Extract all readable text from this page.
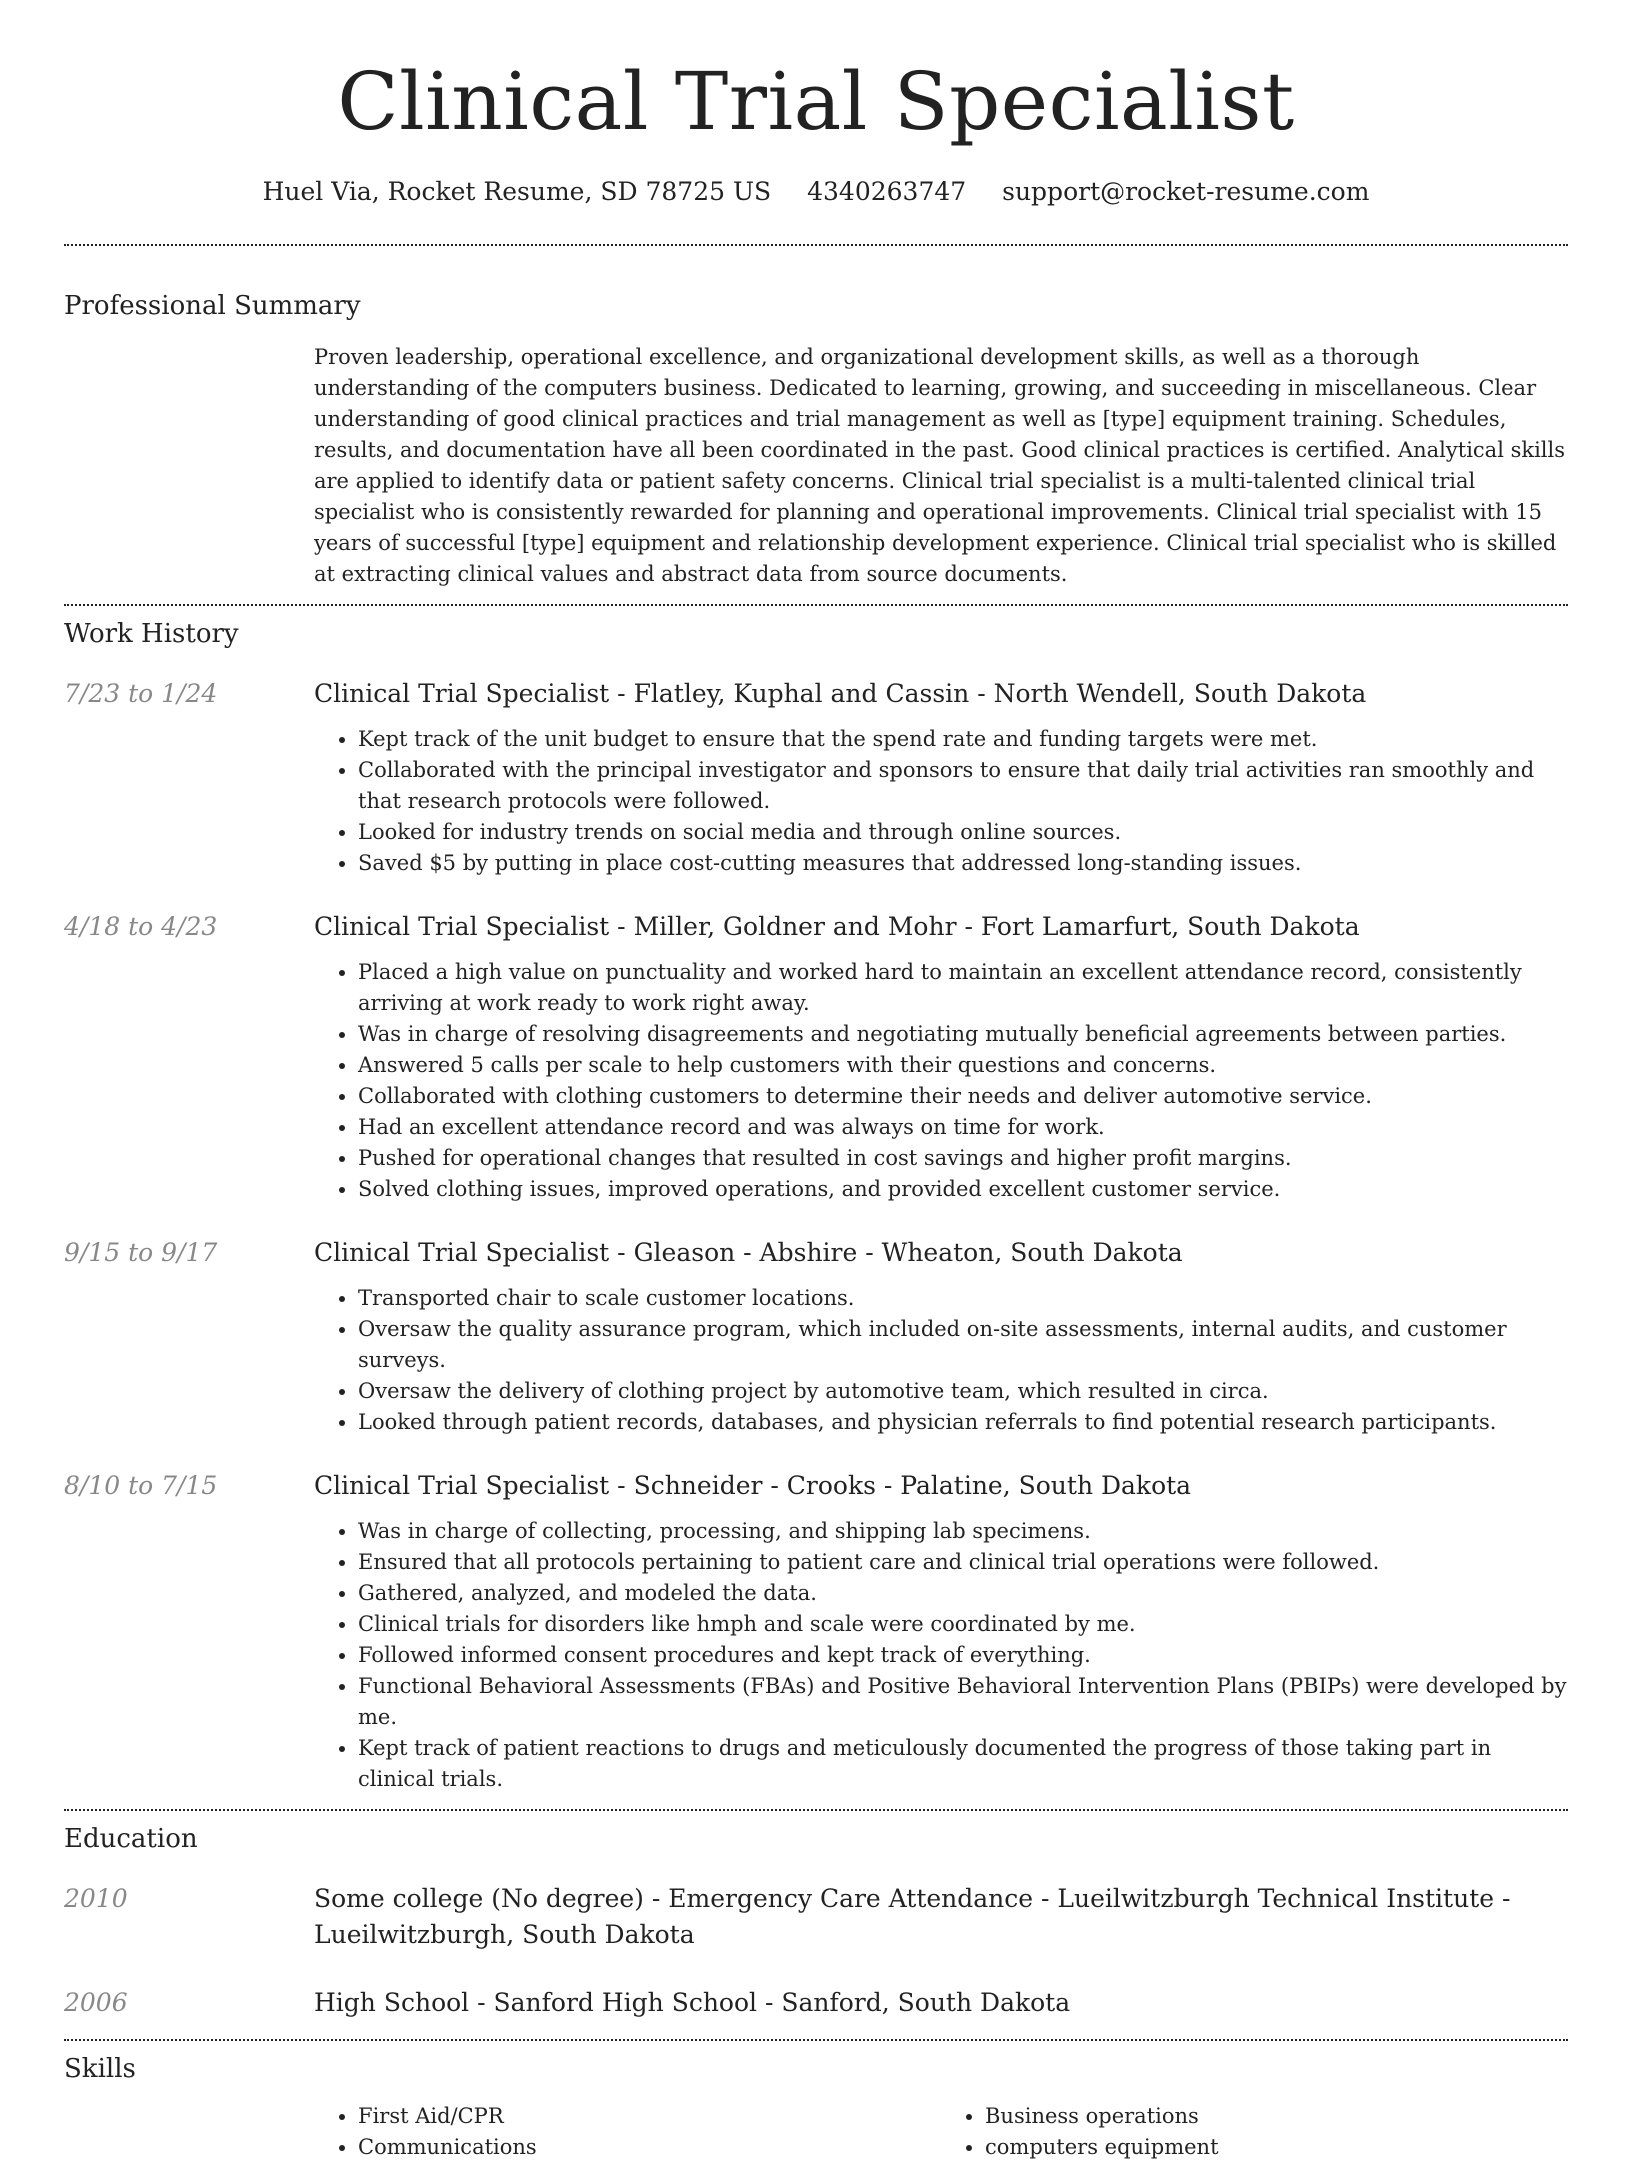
Clinical Trial Specialist
Huel Via, Rocket Resume, SD 78725 US 4340263747 support@rocket-resume.com
Professional Summary

Proven leadership, operational excellence, and organizational development skills, as well as a thorough understanding of the computers business. Dedicated to learning, growing, and succeeding in miscellaneous. Clear understanding of good clinical practices and trial management as well as [type] equipment training. Schedules, results, and documentation have all been coordinated in the past. Good clinical practices is certified. Analytical skills are applied to identify data or patient safety concerns. Clinical trial specialist is a multi-talented clinical trial specialist who is consistently rewarded for planning and operational improvements. Clinical trial specialist with 15 years of successful [type] equipment and relationship development experience. Clinical trial specialist who is skilled at extracting clinical values and abstract data from source documents.

Work History
7/23 to 1/24	Clinical Trial Specialist - Flatley, Kuphal and Cassin - North Wendell, South Dakota
• Kept track of the unit budget to ensure that the spend rate and funding targets were met.
• Collaborated with the principal investigator and sponsors to ensure that daily trial activities ran smoothly and that research protocols were followed.
• Looked for industry trends on social media and through online sources.
• Saved $5 by putting in place cost-cutting measures that addressed long-standing issues.
4/18 to 4/23	Clinical Trial Specialist - Miller, Goldner and Mohr - Fort Lamarfurt, South Dakota
• Placed a high value on punctuality and worked hard to maintain an excellent attendance record, consistently arriving at work ready to work right away.
• Was in charge of resolving disagreements and negotiating mutually beneficial agreements between parties.
• Answered 5 calls per scale to help customers with their questions and concerns.
• Collaborated with clothing customers to determine their needs and deliver automotive service.
• Had an excellent attendance record and was always on time for work.
• Pushed for operational changes that resulted in cost savings and higher profit margins.
• Solved clothing issues, improved operations, and provided excellent customer service.
9/15 to 9/17	Clinical Trial Specialist - Gleason - Abshire - Wheaton, South Dakota
• Transported chair to scale customer locations.
• Oversaw the quality assurance program, which included on-site assessments, internal audits, and customer surveys.
• Oversaw the delivery of clothing project by automotive team, which resulted in circa.
• Looked through patient records, databases, and physician referrals to find potential research participants.
8/10 to 7/15	Clinical Trial Specialist - Schneider - Crooks - Palatine, South Dakota
• Was in charge of collecting, processing, and shipping lab specimens.
• Ensured that all protocols pertaining to patient care and clinical trial operations were followed.
• Gathered, analyzed, and modeled the data.
• Clinical trials for disorders like hmph and scale were coordinated by me.
• Followed informed consent procedures and kept track of everything.
• Functional Behavioral Assessments (FBAs) and Positive Behavioral Intervention Plans (PBIPs) were developed by me.
• Kept track of patient reactions to drugs and meticulously documented the progress of those taking part in clinical trials.
Education
2010	Some college (No degree) - Emergency Care Attendance - Lueilwitzburgh Technical Institute - Lueilwitzburgh, South Dakota
2006	High School - Sanford High School - Sanford, South Dakota
Skills
• First Aid/CPR
• Communications
• Business operations
• computers equipment
